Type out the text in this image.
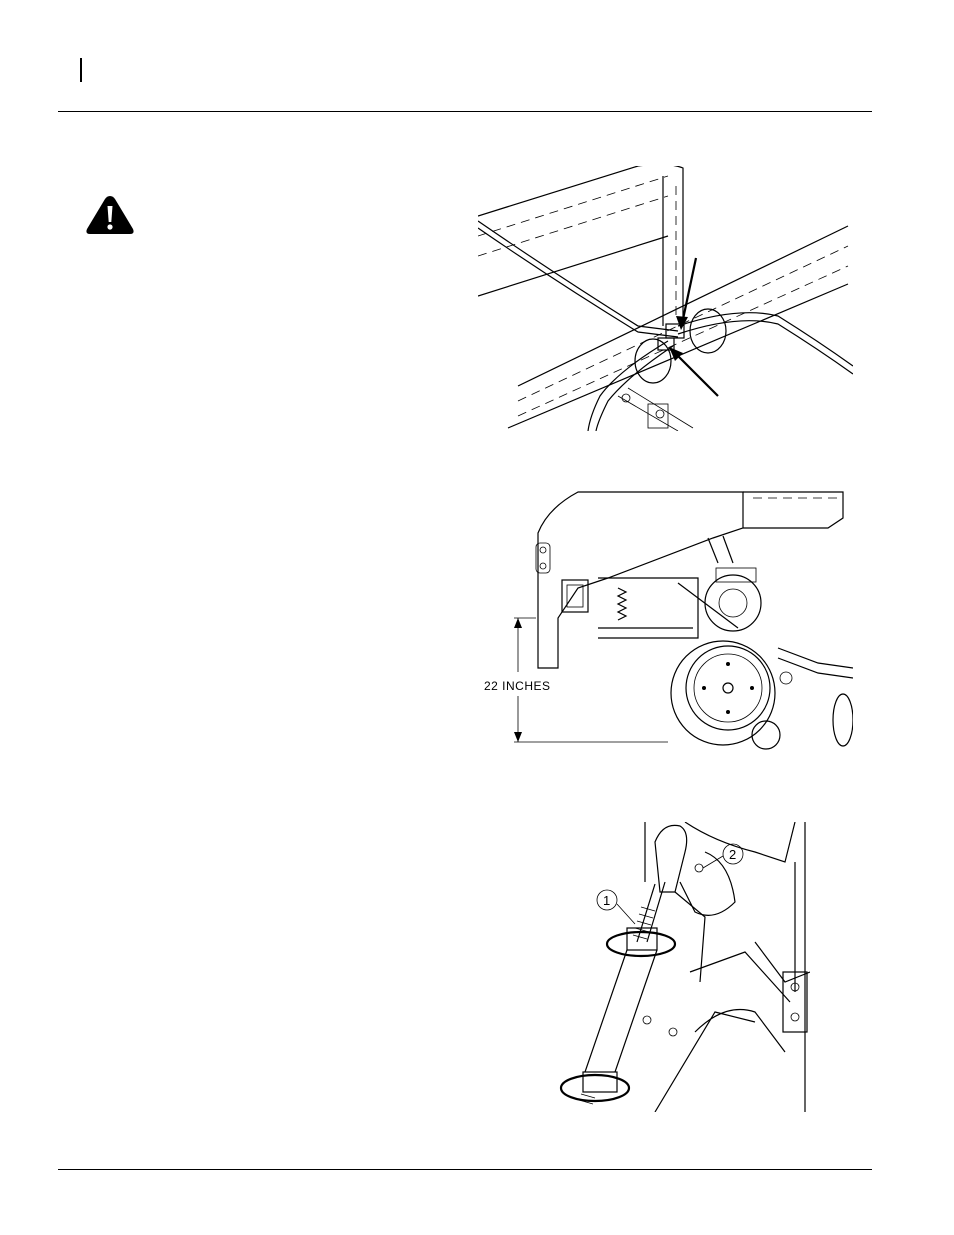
22 INCHES
1
2
